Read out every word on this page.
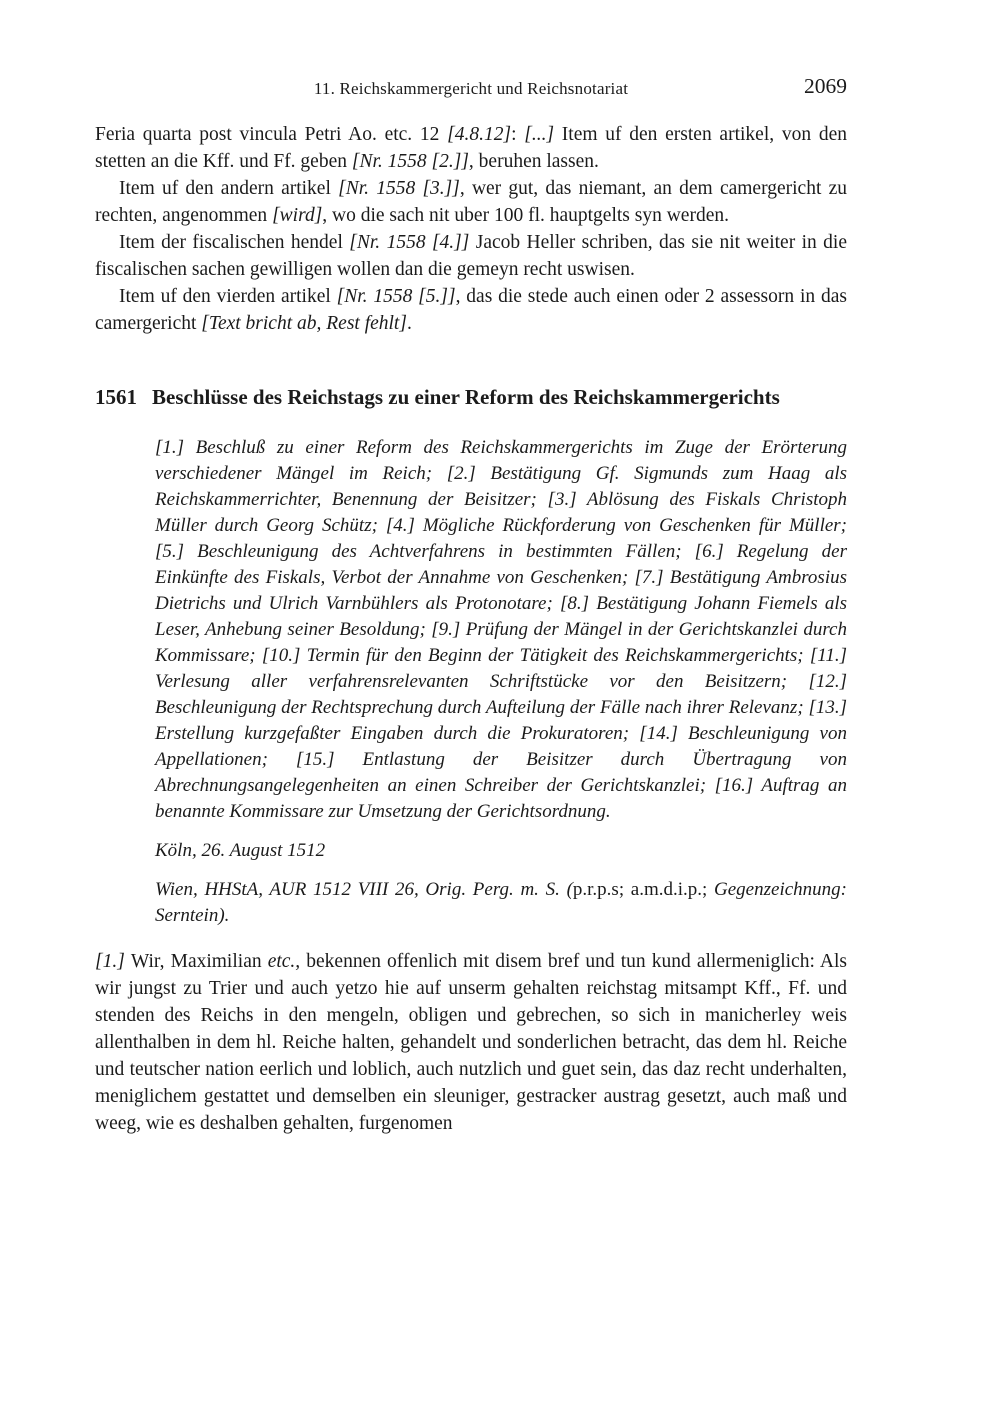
11. Reichskammergericht und Reichsnotariat	2069

Feria quarta post vincula Petri Ao. etc. 12 [4.8.12]: [...] Item uf den ersten artikel, von den stetten an die Kff. und Ff. geben [Nr. 1558 [2.]], beruhen lassen.

Item uf den andern artikel [Nr. 1558 [3.]], wer gut, das niemant, an dem camergericht zu rechten, angenommen [wird], wo die sach nit uber 100 fl. hauptgelts syn werden.

Item der fiscalischen hendel [Nr. 1558 [4.]] Jacob Heller schriben, das sie nit weiter in die fiscalischen sachen gewilligen wollen dan die gemeyn recht uswisen.

Item uf den vierden artikel [Nr. 1558 [5.]], das die stede auch einen oder 2 assessorn in das camergericht [Text bricht ab, Rest fehlt].

1561 Beschlüsse des Reichstags zu einer Reform des Reichskammergerichts

[1.] Beschluß zu einer Reform des Reichskammergerichts im Zuge der Erörterung verschiedener Mängel im Reich; [2.] Bestätigung Gf. Sigmunds zum Haag als Reichskammerrichter, Benennung der Beisitzer; [3.] Ablösung des Fiskals Christoph Müller durch Georg Schütz; [4.] Mögliche Rückforderung von Geschenken für Müller; [5.] Beschleunigung des Achtverfahrens in bestimmten Fällen; [6.] Regelung der Einkünfte des Fiskals, Verbot der Annahme von Geschenken; [7.] Bestätigung Ambrosius Dietrichs und Ulrich Varnbühlers als Protonotare; [8.] Bestätigung Johann Fiemels als Leser, Anhebung seiner Besoldung; [9.] Prüfung der Mängel in der Gerichtskanzlei durch Kommissare; [10.] Termin für den Beginn der Tätigkeit des Reichskammergerichts; [11.] Verlesung aller verfahrensrelevanten Schriftstücke vor den Beisitzern; [12.] Beschleunigung der Rechtsprechung durch Aufteilung der Fälle nach ihrer Relevanz; [13.] Erstellung kurzgefaßter Eingaben durch die Prokuratoren; [14.] Beschleunigung von Appellationen; [15.] Entlastung der Beisitzer durch Übertragung von Abrechnungsangelegenheiten an einen Schreiber der Gerichtskanzlei; [16.] Auftrag an benannte Kommissare zur Umsetzung der Gerichtsordnung.

Köln, 26. August 1512

Wien, HHStA, AUR 1512 VIII 26, Orig. Perg. m. S. (p.r.p.s; a.m.d.i.p.; Gegenzeichnung: Serntein).

[1.] Wir, Maximilian etc., bekennen offenlich mit disem bref und tun kund allermeniglich: Als wir jungst zu Trier und auch yetzo hie auf unserm gehalten reichstag mitsampt Kff., Ff. und stenden des Reichs in den mengeln, obligen und gebrechen, so sich in manicherley weis allenthalben in dem hl. Reiche halten, gehandelt und sonderlichen betracht, das dem hl. Reiche und teutscher nation eerlich und loblich, auch nutzlich und guet sein, das daz recht underhalten, meniglichem gestattet und demselben ein sleuniger, gestracker austrag gesetzt, auch maß und weeg, wie es deshalben gehalten, furgenomen
